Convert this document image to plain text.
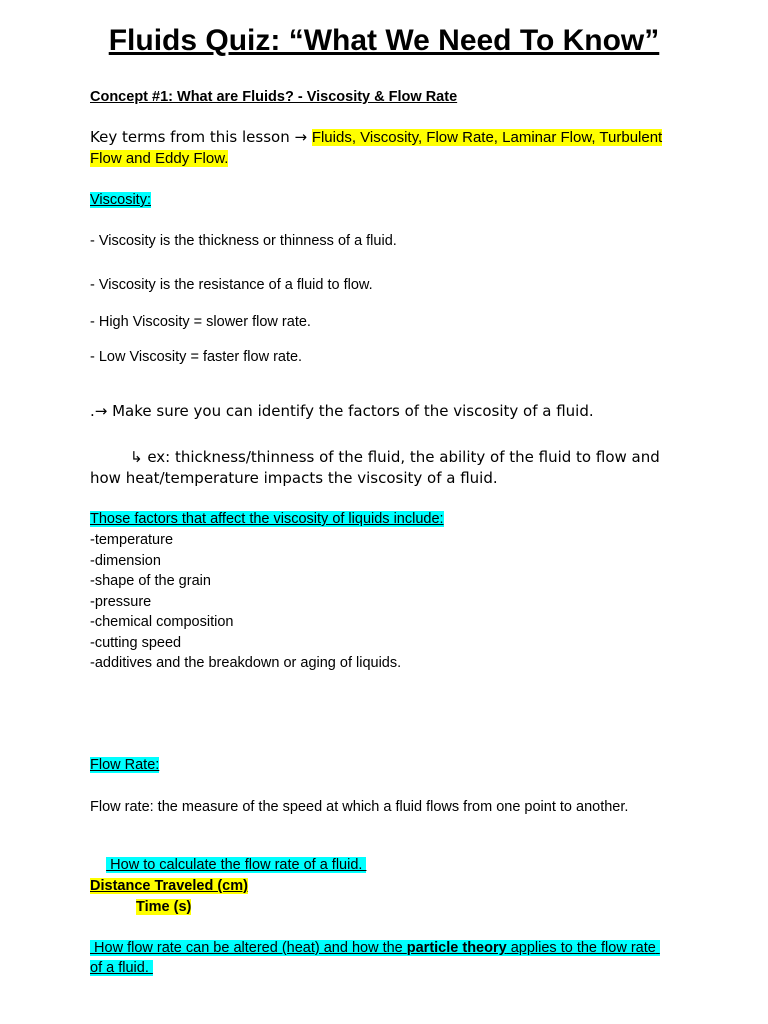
Fluids Quiz: “What We Need To Know”
Concept #1: What are Fluids? - Viscosity & Flow Rate
Key terms from this lesson → Fluids, Viscosity, Flow Rate, Laminar Flow, Turbulent Flow and Eddy Flow.
Viscosity:
- Viscosity is the thickness or thinness of a fluid.
- Viscosity is the resistance of a fluid to flow.
- High Viscosity = slower flow rate.
- Low Viscosity = faster flow rate.
.→ Make sure you can identify the factors of the viscosity of a fluid.
↳ ex: thickness/thinness of the fluid, the ability of the fluid to flow and how heat/temperature impacts the viscosity of a fluid.
Those factors that affect the viscosity of liquids include:
-temperature
-dimension
-shape of the grain
-pressure
-chemical composition
-cutting speed
-additives and the breakdown or aging of liquids.
Flow Rate:
Flow rate: the measure of the speed at which a fluid flows from one point to another.

How to calculate the flow rate of a fluid.

Distance Traveled (cm)
Time (s)
How flow rate can be altered (heat) and how the particle theory applies to the flow rate of a fluid.
